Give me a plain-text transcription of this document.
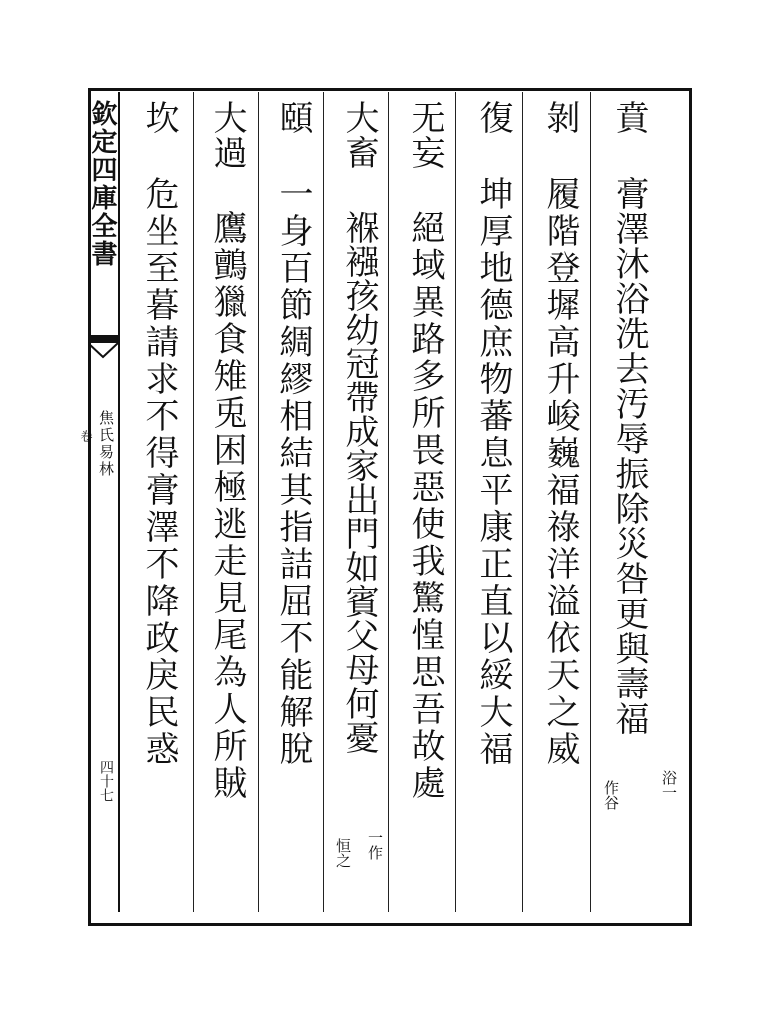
欽定四庫全書
焦氏易林
卷
四十七
賁
膏澤沐浴洗去汚辱振除災咎更與壽福
浴一
作谷
剝
履階登墀高升峻巍福祿洋溢依天之威
復
坤厚地德庶物蕃息平康正直以綏大福
无妄
絕域異路多所畏惡使我驚惶思吾故處
大畜
褓襁孩幼冠帶成家出門如賓父母何憂
一作
恒之
頤
一身百節綢繆相結其指詰屈不能解脫
大過
鷹鸇獵食雉兎困極逃走見尾為人所賊
坎
危坐至暮請求不得膏澤不降政戾民惑
